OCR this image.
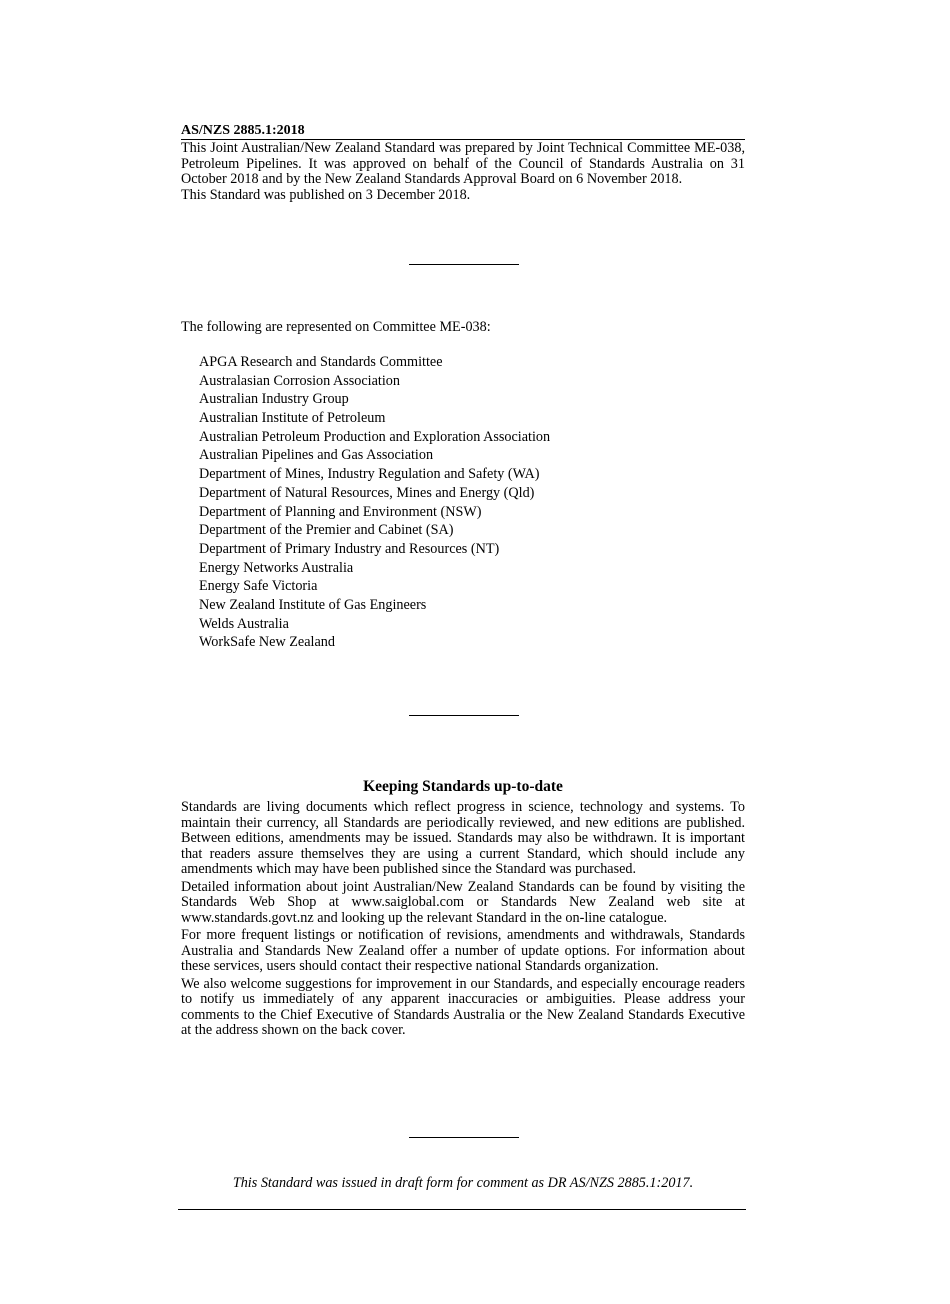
AS/NZS 2885.1:2018

This Joint Australian/New Zealand Standard was prepared by Joint Technical Committee ME-038, Petroleum Pipelines. It was approved on behalf of the Council of Standards Australia on 31 October 2018 and by the New Zealand Standards Approval Board on 6 November 2018.

This Standard was published on 3 December 2018.

The following are represented on Committee ME-038:

APGA Research and Standards Committee
Australasian Corrosion Association
Australian Industry Group
Australian Institute of Petroleum
Australian Petroleum Production and Exploration Association
Australian Pipelines and Gas Association
Department of Mines, Industry Regulation and Safety (WA)
Department of Natural Resources, Mines and Energy (Qld)
Department of Planning and Environment (NSW)
Department of the Premier and Cabinet (SA)
Department of Primary Industry and Resources (NT)
Energy Networks Australia
Energy Safe Victoria
New Zealand Institute of Gas Engineers
Welds Australia
WorkSafe New Zealand
Keeping Standards up-to-date

Standards are living documents which reflect progress in science, technology and systems. To maintain their currency, all Standards are periodically reviewed, and new editions are published. Between editions, amendments may be issued. Standards may also be withdrawn. It is important that readers assure themselves they are using a current Standard, which should include any amendments which may have been published since the Standard was purchased.

Detailed information about joint Australian/New Zealand Standards can be found by visiting the Standards Web Shop at www.saiglobal.com or Standards New Zealand web site at www.standards.govt.nz and looking up the relevant Standard in the on-line catalogue.

For more frequent listings or notification of revisions, amendments and withdrawals, Standards Australia and Standards New Zealand offer a number of update options. For information about these services, users should contact their respective national Standards organization.

We also welcome suggestions for improvement in our Standards, and especially encourage readers to notify us immediately of any apparent inaccuracies or ambiguities. Please address your comments to the Chief Executive of Standards Australia or the New Zealand Standards Executive at the address shown on the back cover.

This Standard was issued in draft form for comment as DR AS/NZS 2885.1:2017.
